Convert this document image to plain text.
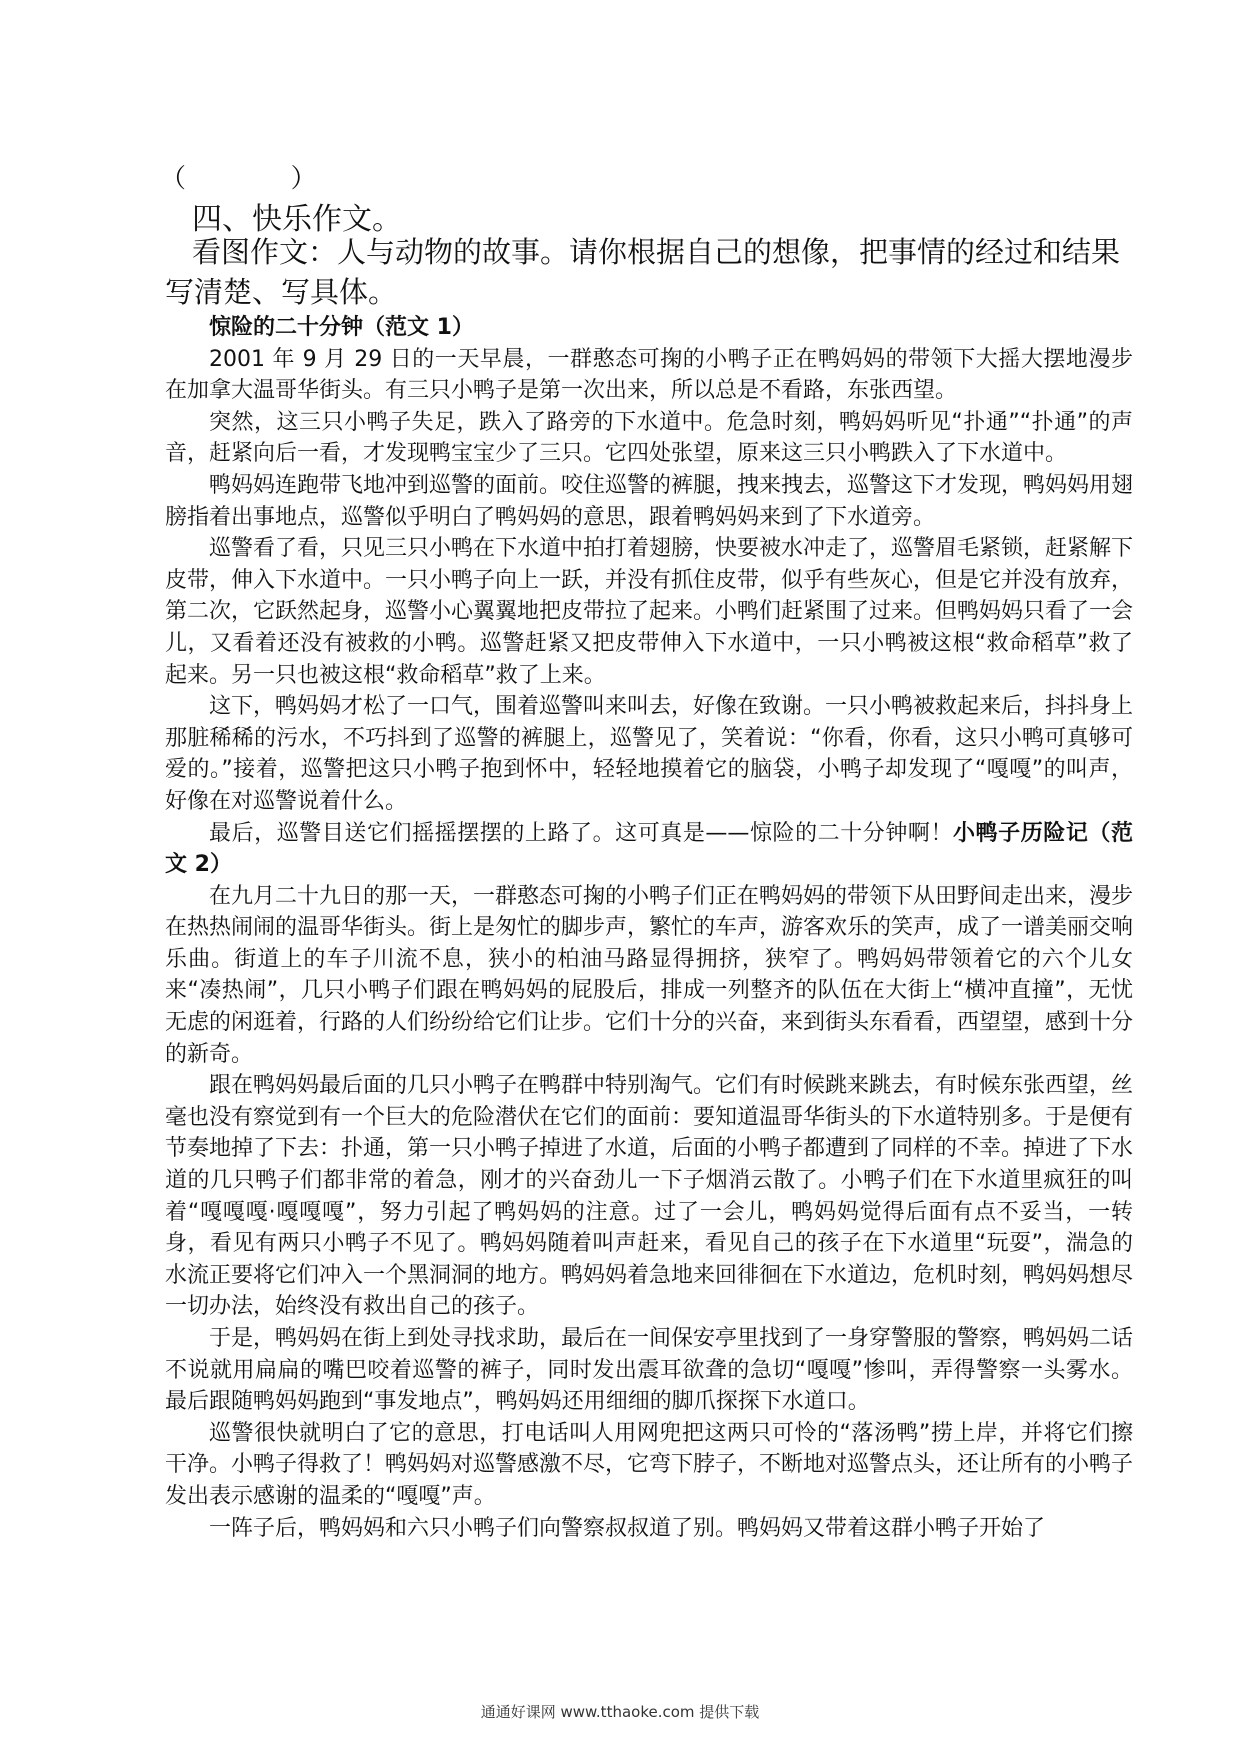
（          ）
四、快乐作文。
看图作文：人与动物的故事。请你根据自己的想像，把事情的经过和结果写清楚、写具体。

惊险的二十分钟（范文 1）

2001 年 9 月 29 日的一天早晨，一群憨态可掬的小鸭子正在鸭妈妈的带领下大摇大摆地漫步在加拿大温哥华街头。有三只小鸭子是第一次出来，所以总是不看路，东张西望。

突然，这三只小鸭子失足，跌入了路旁的下水道中。危急时刻，鸭妈妈听见“扑通”“扑通”的声音，赶紧向后一看，才发现鸭宝宝少了三只。它四处张望，原来这三只小鸭跌入了下水道中。

鸭妈妈连跑带飞地冲到巡警的面前。咬住巡警的裤腿，拽来拽去，巡警这下才发现，鸭妈妈用翅膀指着出事地点，巡警似乎明白了鸭妈妈的意思，跟着鸭妈妈来到了下水道旁。

巡警看了看，只见三只小鸭在下水道中拍打着翅膀，快要被水冲走了，巡警眉毛紧锁，赶紧解下皮带，伸入下水道中。一只小鸭子向上一跃，并没有抓住皮带，似乎有些灰心，但是它并没有放弃，第二次，它跃然起身，巡警小心翼翼地把皮带拉了起来。小鸭们赶紧围了过来。但鸭妈妈只看了一会儿，又看着还没有被救的小鸭。巡警赶紧又把皮带伸入下水道中，一只小鸭被这根“救命稻草”救了起来。另一只也被这根“救命稻草”救了上来。

这下，鸭妈妈才松了一口气，围着巡警叫来叫去，好像在致谢。一只小鸭被救起来后，抖抖身上那脏稀稀的污水，不巧抖到了巡警的裤腿上，巡警见了，笑着说：“你看，你看，这只小鸭可真够可爱的。”接着，巡警把这只小鸭子抱到怀中，轻轻地摸着它的脑袋，小鸭子却发现了“嘎嘎”的叫声，好像在对巡警说着什么。

最后，巡警目送它们摇摇摆摆的上路了。这可真是——惊险的二十分钟啊！小鸭子历险记（范文 2）

在九月二十九日的那一天，一群憨态可掬的小鸭子们正在鸭妈妈的带领下从田野间走出来，漫步在热热闹闹的温哥华街头。街上是匆忙的脚步声，繁忙的车声，游客欢乐的笑声，成了一谱美丽交响乐曲。街道上的车子川流不息，狭小的柏油马路显得拥挤，狭窄了。鸭妈妈带领着它的六个儿女来“凑热闹”，几只小鸭子们跟在鸭妈妈的屁股后，排成一列整齐的队伍在大街上“横冲直撞”，无忧无虑的闲逛着，行路的人们纷纷给它们让步。它们十分的兴奋，来到街头东看看，西望望，感到十分的新奇。

跟在鸭妈妈最后面的几只小鸭子在鸭群中特别淘气。它们有时候跳来跳去，有时候东张西望，丝毫也没有察觉到有一个巨大的危险潜伏在它们的面前：要知道温哥华街头的下水道特别多。于是便有节奏地掉了下去：扑通，第一只小鸭子掉进了水道，后面的小鸭子都遭到了同样的不幸。掉进了下水道的几只鸭子们都非常的着急，刚才的兴奋劲儿一下子烟消云散了。小鸭子们在下水道里疯狂的叫着“嘎嘎嘎·嘎嘎嘎”，努力引起了鸭妈妈的注意。过了一会儿，鸭妈妈觉得后面有点不妥当，一转身，看见有两只小鸭子不见了。鸭妈妈随着叫声赶来，看见自己的孩子在下水道里“玩耍”，湍急的水流正要将它们冲入一个黑洞洞的地方。鸭妈妈着急地来回徘徊在下水道边，危机时刻，鸭妈妈想尽一切办法，始终没有救出自己的孩子。

于是，鸭妈妈在街上到处寻找求助，最后在一间保安亭里找到了一身穿警服的警察，鸭妈妈二话不说就用扁扁的嘴巴咬着巡警的裤子，同时发出震耳欲聋的急切“嘎嘎”惨叫，弄得警察一头雾水。最后跟随鸭妈妈跑到“事发地点”，鸭妈妈还用细细的脚爪探探下水道口。

巡警很快就明白了它的意思，打电话叫人用网兜把这两只可怜的“落汤鸭”捞上岸，并将它们擦干净。小鸭子得救了！鸭妈妈对巡警感激不尽，它弯下脖子，不断地对巡警点头，还让所有的小鸭子发出表示感谢的温柔的“嘎嘎”声。

一阵子后，鸭妈妈和六只小鸭子们向警察叔叔道了别。鸭妈妈又带着这群小鸭子开始了

通通好课网 www.tthaoke.com 提供下载
